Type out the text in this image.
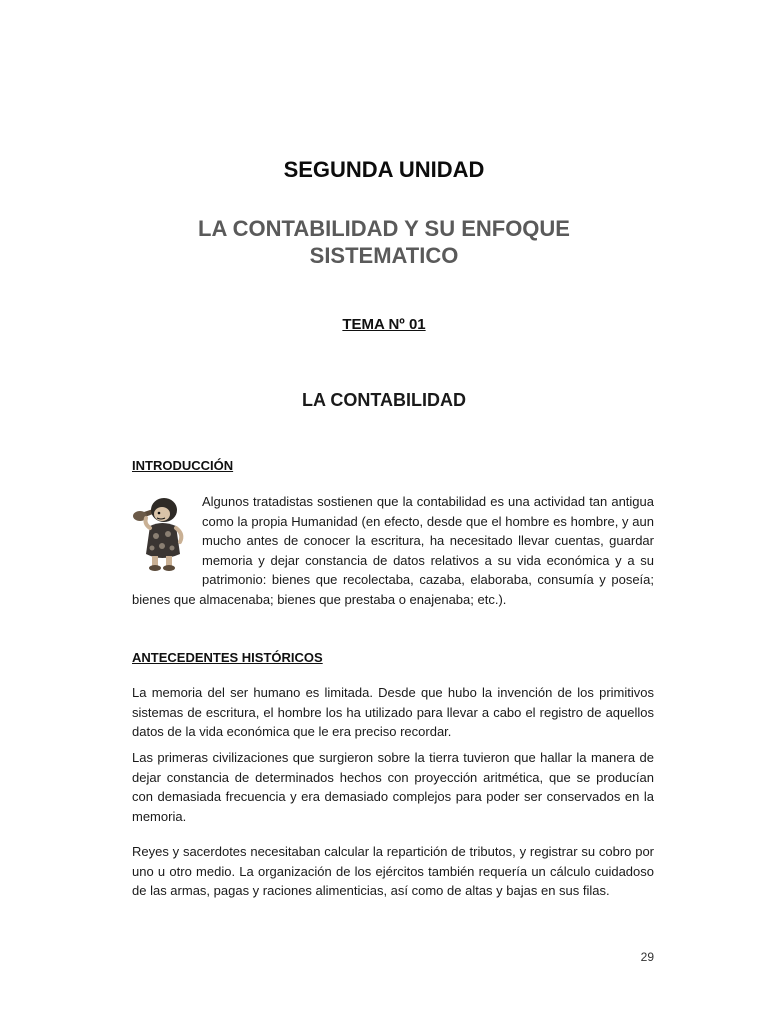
SEGUNDA UNIDAD
LA CONTABILIDAD Y SU ENFOQUE
SISTEMATICO
TEMA Nº 01
LA CONTABILIDAD
INTRODUCCIÓN
Algunos tratadistas sostienen que la contabilidad es una actividad tan antigua como la propia Humanidad (en efecto, desde que el hombre es hombre, y aun mucho antes de conocer la escritura, ha necesitado llevar cuentas, guardar memoria y dejar constancia de datos relativos a su vida económica y a su patrimonio: bienes que recolectaba, cazaba, elaboraba, consumía y poseía; bienes que almacenaba; bienes que prestaba o enajenaba; etc.).
ANTECEDENTES HISTÓRICOS
La memoria del ser humano es limitada. Desde que hubo la invención de los primitivos sistemas de escritura, el hombre los ha utilizado para llevar a cabo el registro de aquellos datos de la vida económica que le era preciso recordar.
Las primeras civilizaciones que surgieron sobre la tierra tuvieron que hallar la manera de dejar constancia de determinados hechos con proyección aritmética, que se producían con demasiada frecuencia y era demasiado complejos para poder ser conservados en la memoria.
Reyes y sacerdotes necesitaban calcular la repartición de tributos, y registrar su cobro por uno u otro medio. La organización de los ejércitos también requería un cálculo cuidadoso de las armas, pagas y raciones alimenticias, así como de altas y bajas en sus filas.
29
